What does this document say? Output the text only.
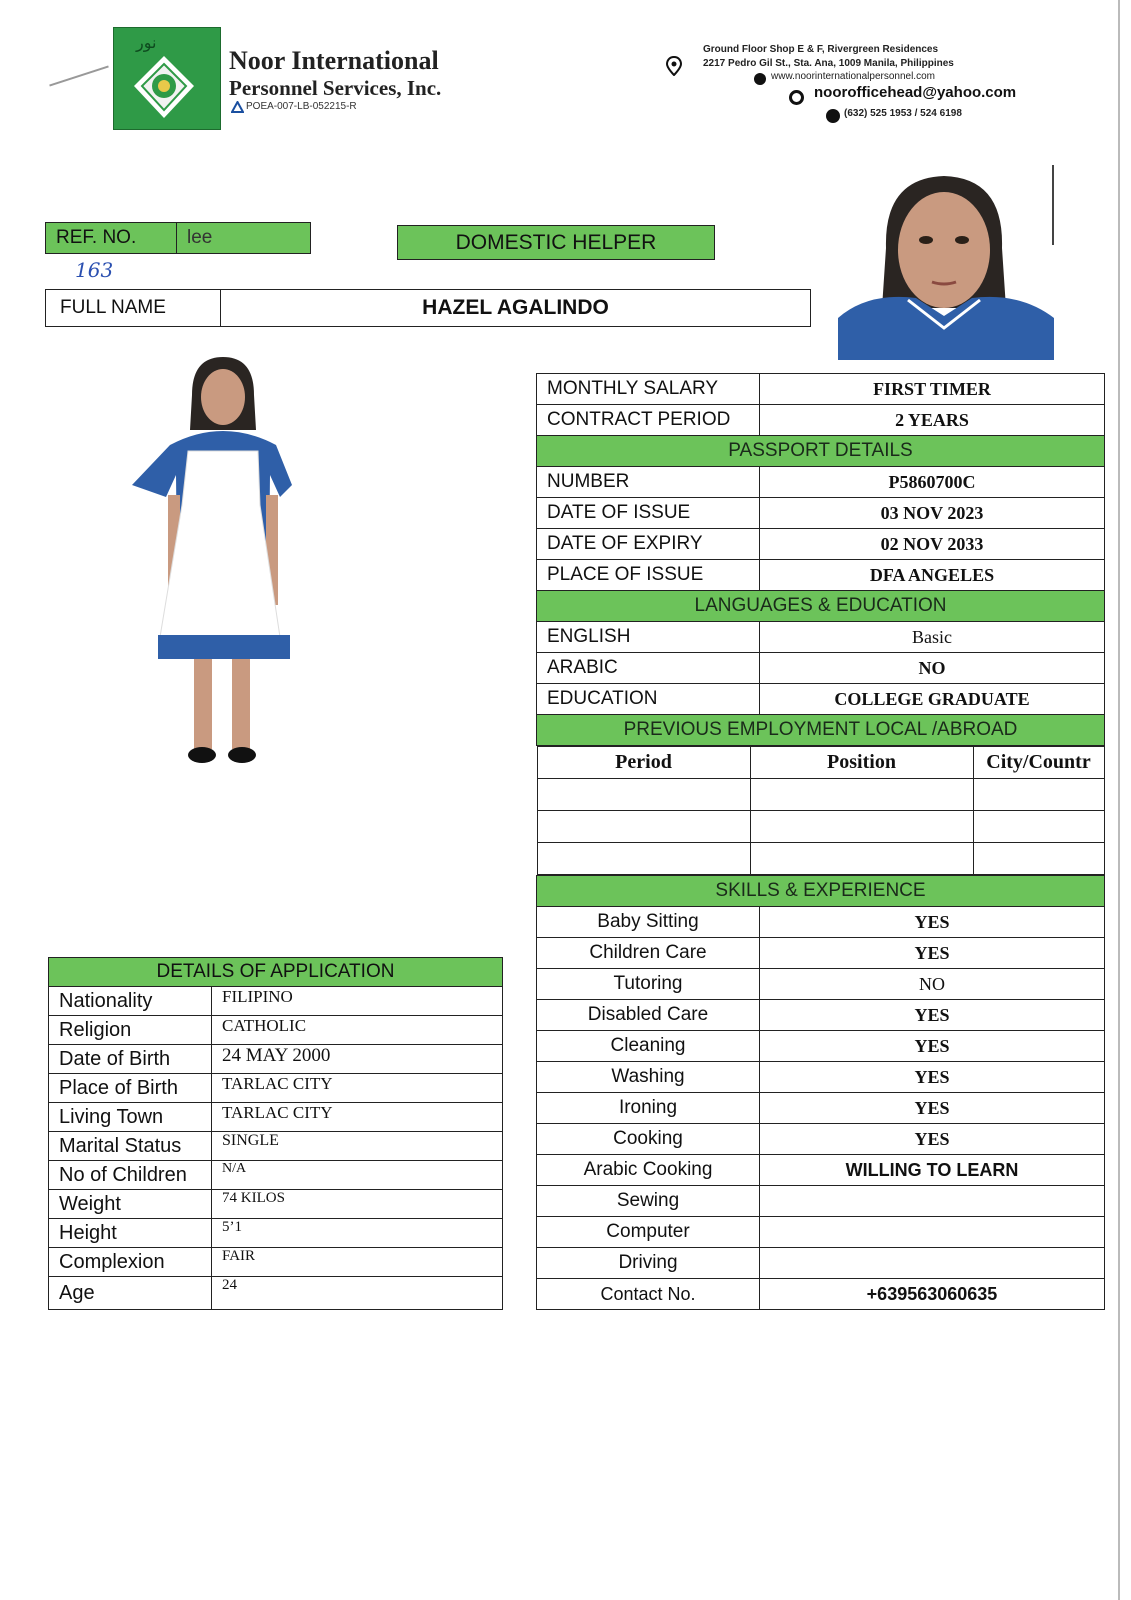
ﻧﻮﺭ
Noor International
Personnel Services, Inc.
POEA-007-LB-052215-R
Ground Floor Shop E & F, Rivergreen Residences
2217 Pedro Gil St., Sta. Ana, 1009 Manila, Philippines
www.noorinternationalpersonnel.com
noorofficehead@yahoo.com
(632) 525 1953 / 524 6198
REF. NO.	lee
163
DOMESTIC HELPER
FULL NAME	HAZEL AGALINDO
MONTHLY SALARY	FIRST TIMER
CONTRACT PERIOD	2 YEARS
PASSPORT DETAILS
NUMBER	P5860700C
DATE OF ISSUE	03 NOV 2023
DATE OF EXPIRY	02 NOV 2033
PLACE OF ISSUE	DFA ANGELES
LANGUAGES & EDUCATION
ENGLISH	Basic
ARABIC	NO
EDUCATION	COLLEGE GRADUATE
PREVIOUS EMPLOYMENT LOCAL /ABROAD

Period	Position	City/Countr

SKILLS & EXPERIENCE
Baby Sitting	YES
Children Care	YES
Tutoring	NO
Disabled Care	YES
Cleaning	YES
Washing	YES
Ironing	YES
Cooking	YES
Arabic Cooking	WILLING TO LEARN
Sewing	
Computer	
Driving	
Contact No.	+639563060635
DETAILS OF APPLICATION	
Nationality	FILIPINO
Religion	CATHOLIC
Date of Birth	24 MAY 2000
Place of Birth	TARLAC CITY
Living Town	TARLAC CITY
Marital Status	SINGLE
No of Children	N/A
Weight	74 KILOS
Height	5’1
Complexion	FAIR
Age	24
